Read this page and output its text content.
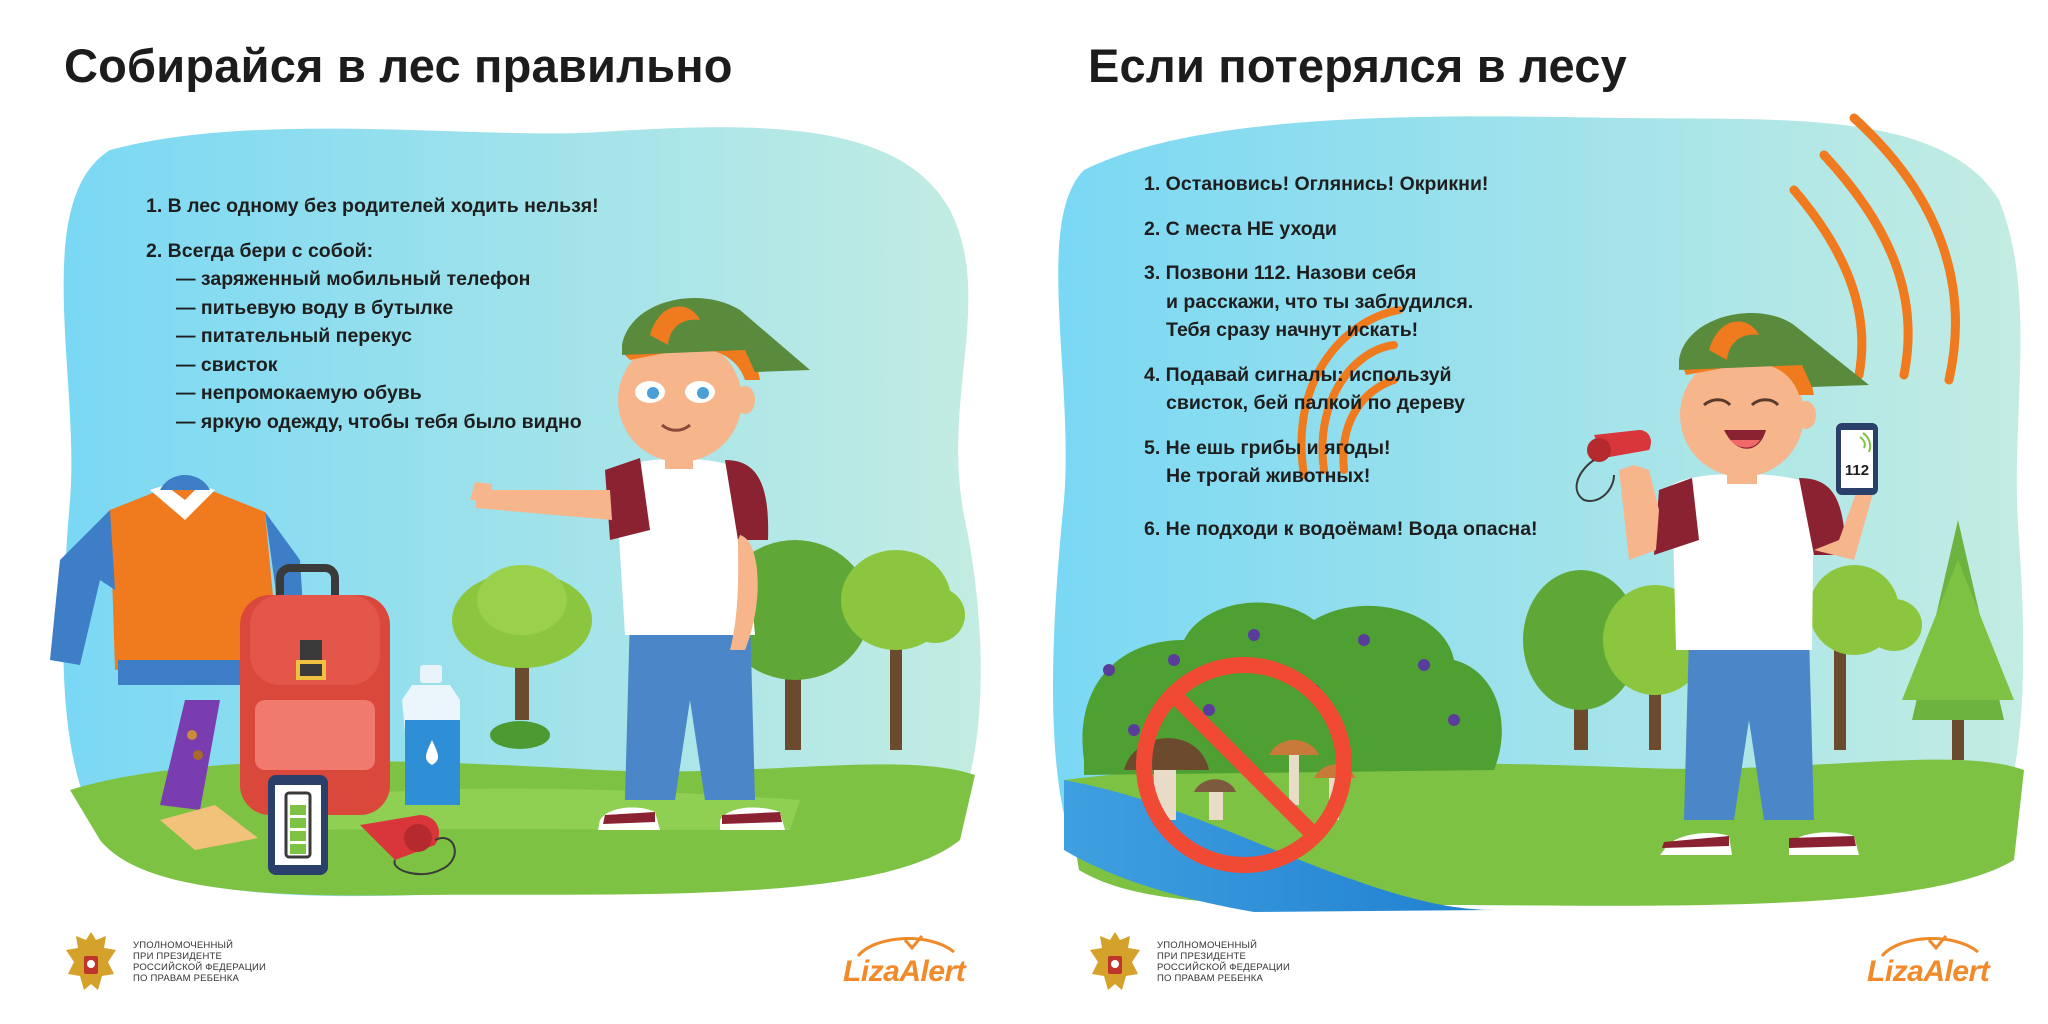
Собирайся в лес правильно
1. В лес одному без родителей ходить нельзя!
2. Всегда бери с собой:
— заряженный мобильный телефон
— питьевую воду в бутылке
— питательный перекус
— свисток
— непромокаемую обувь
— яркую одежду, чтобы тебя было видно
УПОЛНОМОЧЕННЫЙ
ПРИ ПРЕЗИДЕНТЕ
РОССИЙСКОЙ ФЕДЕРАЦИИ
ПО ПРАВАМ РЕБЕНКА	LizaAlert
112
Если потерялся в лесу
1. Остановись! Оглянись! Окрикни!
2. С места НЕ уходи
3. Позвони 112. Назови себя
и расскажи, что ты заблудился.
Тебя сразу начнут искать!
4. Подавай сигналы: используй
свисток, бей палкой по дереву
5. Не ешь грибы и ягоды!
Не трогай животных!
6. Не подходи к водоёмам! Вода опасна!
УПОЛНОМОЧЕННЫЙ
ПРИ ПРЕЗИДЕНТЕ
РОССИЙСКОЙ ФЕДЕРАЦИИ
ПО ПРАВАМ РЕБЕНКА	LizaAlert
